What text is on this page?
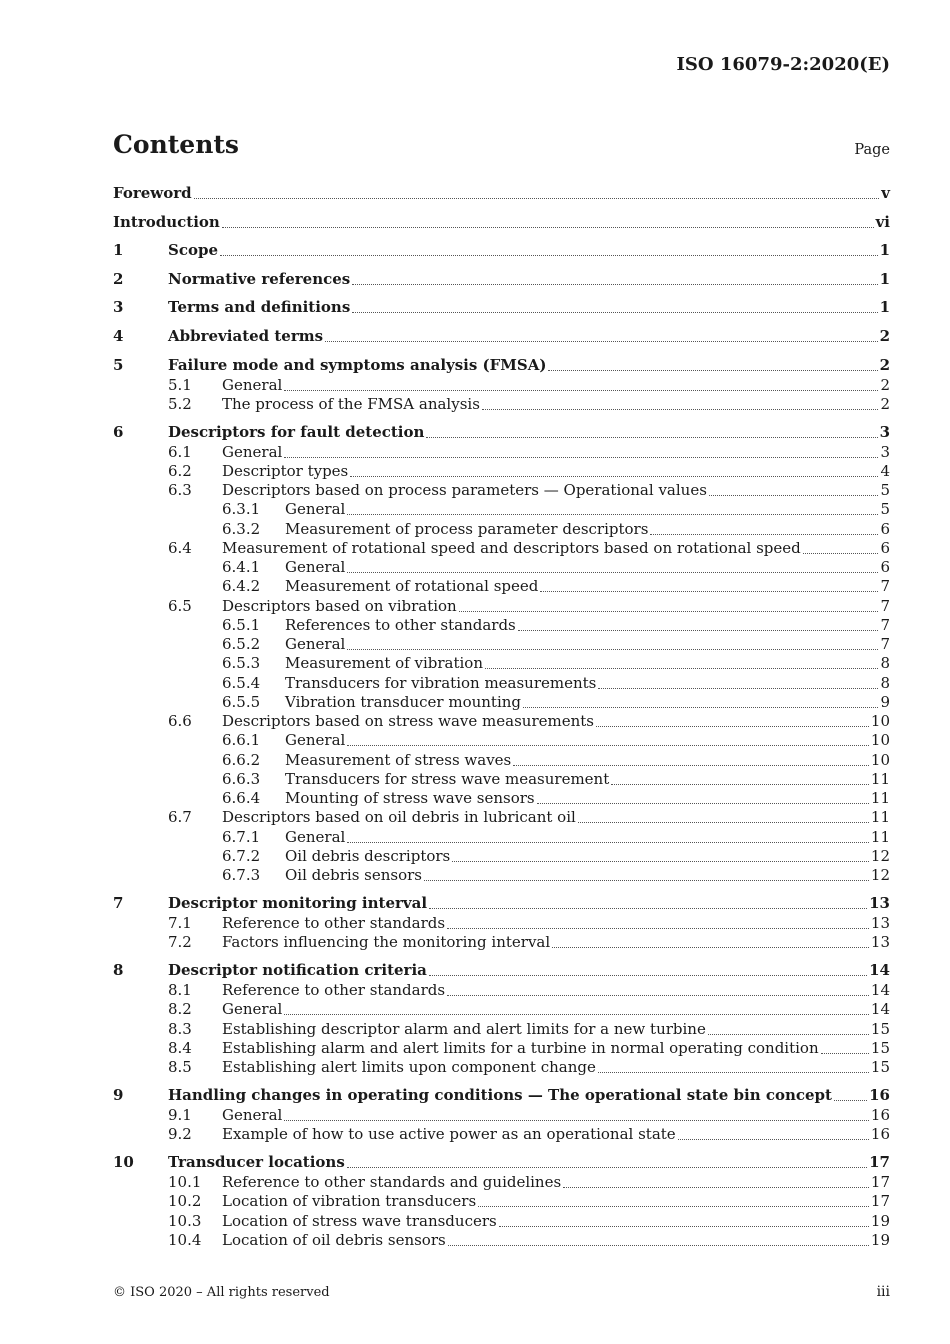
ISO 16079-2:2020(E)
Contents	Page
Foreword	v
Introduction	vi
1	Scope	1
2	Normative references	1
3	Terms and definitions	1
4	Abbreviated terms	2
5	Failure mode and symptoms analysis (FMSA)	2
5.1 General	2
5.2 The process of the FMSA analysis	2
6	Descriptors for fault detection	3
6.1 General	3
6.2 Descriptor types	4
6.3 Descriptors based on process parameters — Operational values	5
6.3.1 General	5
6.3.2 Measurement of process parameter descriptors	6
6.4 Measurement of rotational speed and descriptors based on rotational speed	6
6.4.1 General	6
6.4.2 Measurement of rotational speed	7
6.5 Descriptors based on vibration	7
6.5.1 References to other standards	7
6.5.2 General	7
6.5.3 Measurement of vibration	8
6.5.4 Transducers for vibration measurements	8
6.5.5 Vibration transducer mounting	9
6.6 Descriptors based on stress wave measurements	10
6.6.1 General	10
6.6.2 Measurement of stress waves	10
6.6.3 Transducers for stress wave measurement	11
6.6.4 Mounting of stress wave sensors	11
6.7 Descriptors based on oil debris in lubricant oil	11
6.7.1 General	11
6.7.2 Oil debris descriptors	12
6.7.3 Oil debris sensors	12
7	Descriptor monitoring interval	13
7.1 Reference to other standards	13
7.2 Factors influencing the monitoring interval	13
8	Descriptor notification criteria	14
8.1 Reference to other standards	14
8.2 General	14
8.3 Establishing descriptor alarm and alert limits for a new turbine	15
8.4 Establishing alarm and alert limits for a turbine in normal operating condition	15
8.5 Establishing alert limits upon component change	15
9	Handling changes in operating conditions — The operational state bin concept 16
9.1 General	16
9.2 Example of how to use active power as an operational state	16
10 Transducer locations	17
10.1 Reference to other standards and guidelines	17
10.2 Location of vibration transducers	17
10.3 Location of stress wave transducers	19
10.4 Location of oil debris sensors	19
© ISO 2020 – All rights reserved	iii
